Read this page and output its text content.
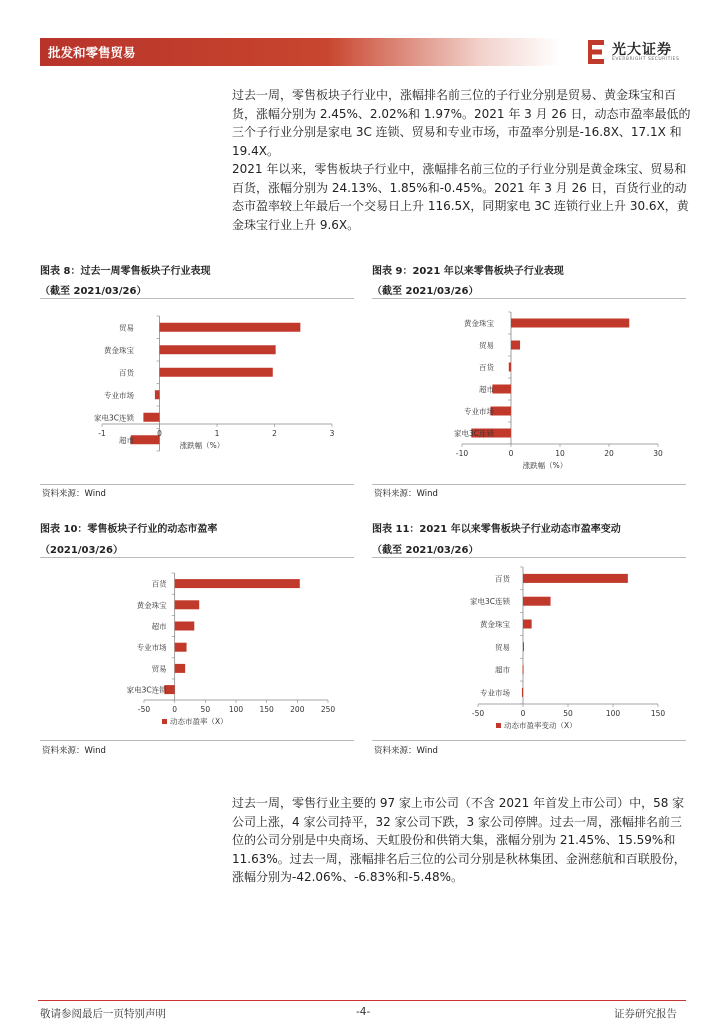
批发和零售贸易	光大证券
EVERBRIGHT SECURITIES

过去一周，零售板块子行业中，涨幅排名前三位的子行业分别是贸易、黄金珠宝和百货，涨幅分别为 2.45%、2.02%和 1.97%。2021 年 3 月 26 日，动态市盈率最低的三个子行业分别是家电 3C 连锁、贸易和专业市场，市盈率分别是-16.8X、17.1X 和 19.4X。

2021 年以来，零售板块子行业中，涨幅排名前三位的子行业分别是黄金珠宝、贸易和百货，涨幅分别为 24.13%、1.85%和-0.45%。2021 年 3 月 26 日，百货行业的动态市盈率较上年最后一个交易日上升 116.5X，同期家电 3C 连锁行业上升 30.6X，黄金珠宝行业上升 9.6X。

图表 8：过去一周零售板块子行业表现
（截至 2021/03/26）
贸易
黄金珠宝
百货
专业市场
家电3C连锁
超市
-1	0	1	2	3
涨跌幅（%）
资料来源：Wind
图表 9：2021 年以来零售板块子行业表现
（截至 2021/03/26）
黄金珠宝
贸易
百货
超市
专业市场
家电3C连锁
-10	0	10	20	30
涨跌幅（%）
资料来源：Wind
图表 10：零售板块子行业的动态市盈率
（2021/03/26）
百货
黄金珠宝
超市
专业市场
贸易
家电3C连锁
-50	0	50 100 150 200 250
动态市盈率（X）
资料来源：Wind
图表 11：2021 年以来零售板块子行业动态市盈率变动
（截至 2021/03/26）
百货
家电3C连锁
黄金珠宝
贸易
超市
专业市场
-50	0	50	100	150
动态市盈率变动（X）
资料来源：Wind

过去一周，零售行业主要的 97 家上市公司（不含 2021 年首发上市公司）中，58 家公司上涨，4 家公司持平，32 家公司下跌，3 家公司停牌。过去一周，涨幅排名前三位的公司分别是中央商场、天虹股份和供销大集，涨幅分别为 21.45%、15.59%和 11.63%。过去一周，涨幅排名后三位的公司分别是秋林集团、金洲慈航和百联股份，涨幅分别为-42.06%、-6.83%和-5.48%。

敬请参阅最后一页特别声明	-4-	证券研究报告
